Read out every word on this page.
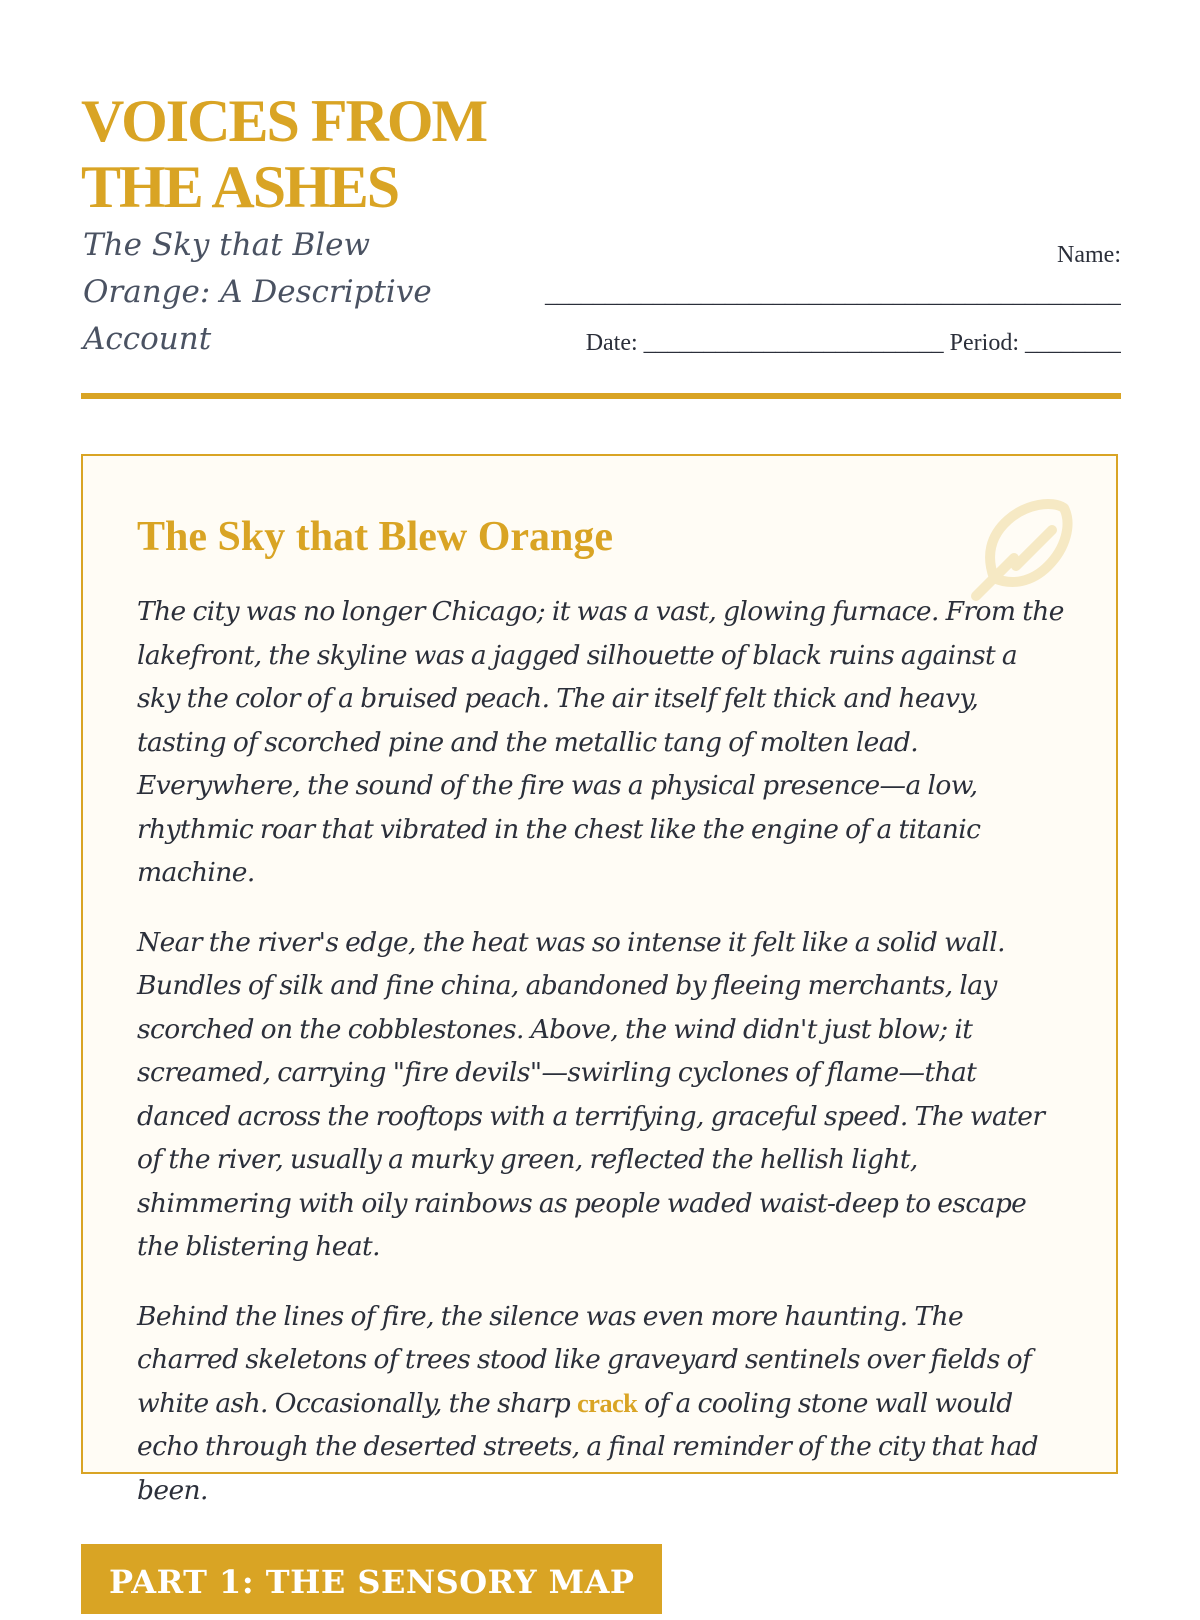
VOICES FROM THE ASHES
The Sky that Blew Orange: A Descriptive Account
Name:
________________________________________________
Date: _________________________ Period: ________
The Sky that Blew Orange

The city was no longer Chicago; it was a vast, glowing furnace. From the lakefront, the skyline was a jagged silhouette of black ruins against a sky the color of a bruised peach. The air itself felt thick and heavy, tasting of scorched pine and the metallic tang of molten lead. Everywhere, the sound of the fire was a physical presence—a low, rhythmic roar that vibrated in the chest like the engine of a titanic machine.

Near the river's edge, the heat was so intense it felt like a solid wall. Bundles of silk and fine china, abandoned by fleeing merchants, lay scorched on the cobblestones. Above, the wind didn't just blow; it screamed, carrying "fire devils"—swirling cyclones of flame—that danced across the rooftops with a terrifying, graceful speed. The water of the river, usually a murky green, reflected the hellish light, shimmering with oily rainbows as people waded waist-deep to escape the blistering heat.

Behind the lines of fire, the silence was even more haunting. The charred skeletons of trees stood like graveyard sentinels over fields of white ash. Occasionally, the sharp crack of a cooling stone wall would echo through the deserted streets, a final reminder of the city that had been.

PART 1: THE SENSORY MAP
